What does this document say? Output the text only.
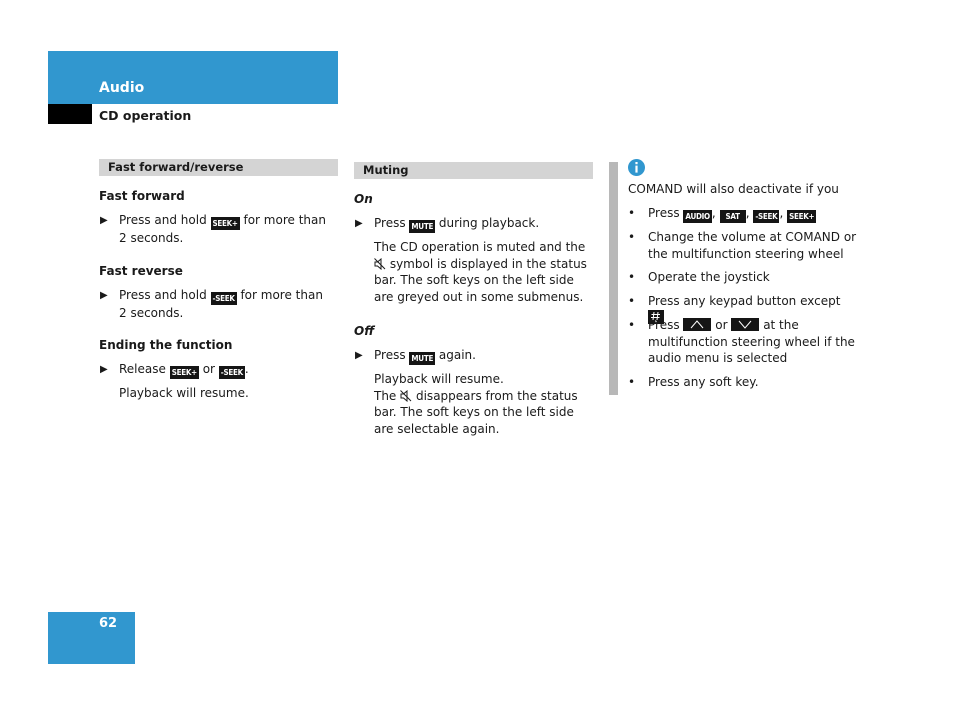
Audio
CD operation
Fast forward/reverse
Fast forward
▶ Press and hold SEEK+ for more than
2 seconds.
Fast reverse
▶ Press and hold -SEEK for more than
2 seconds.
Ending the function
▶ Release SEEK+ or -SEEK .
Playback will resume.
Muting
On
▶ Press MUTE during playback.
The CD operation is muted and the  symbol is displayed in the status bar. The soft keys on the left side are greyed out in some submenus.
Off
▶ Press MUTE again.
Playback will resume.
The disappears from the status bar. The soft keys on the left side are selectable again.
COMAND will also deactivate if you
• Press AUDIO , SAT , -SEEK , SEEK+
• Change the volume at COMAND or the multifunction steering wheel
• Operate the joystick
• Press any keypad button except
• Press	or	at the multifunction steering wheel if the audio menu is selected
• Press any soft key.
62
